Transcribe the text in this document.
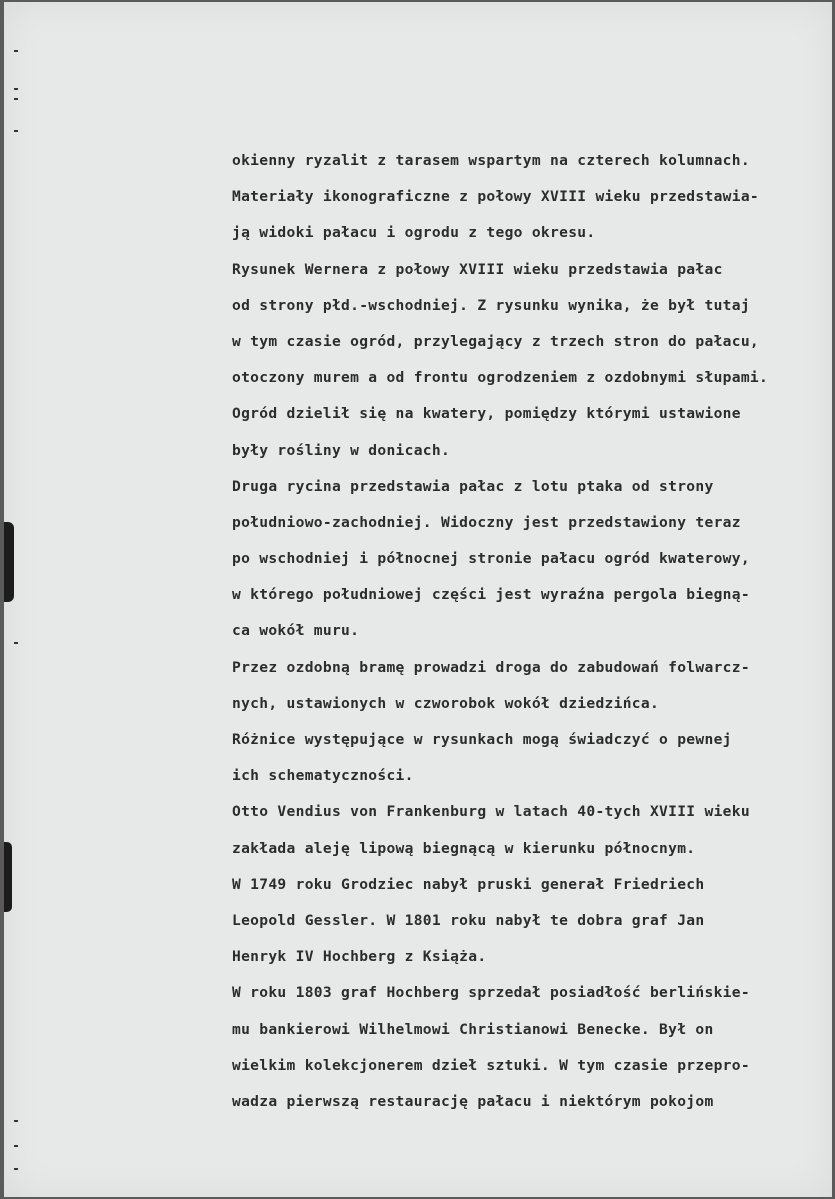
okienny ryzalit z tarasem wspartym na czterech kolumnach.
Materiały ikonograficzne z połowy XVIII wieku przedstawia-
ją widoki pałacu i ogrodu z tego okresu.
Rysunek Wernera z połowy XVIII wieku przedstawia pałac
od strony płd.-wschodniej. Z rysunku wynika, że był tutaj
w tym czasie ogród, przylegający z trzech stron do pałacu,
otoczony murem a od frontu ogrodzeniem z ozdobnymi słupami.
Ogród dzielił się na kwatery, pomiędzy którymi ustawione
były rośliny w donicach.
Druga rycina przedstawia pałac z lotu ptaka od strony
południowo-zachodniej. Widoczny jest przedstawiony teraz
po wschodniej i północnej stronie pałacu ogród kwaterowy,
w którego południowej części jest wyraźna pergola biegną-
ca wokół muru.
Przez ozdobną bramę prowadzi droga do zabudowań folwarcz-
nych, ustawionych w czworobok wokół dziedzińca.
Różnice występujące w rysunkach mogą świadczyć o pewnej
ich schematyczności.
Otto Vendius von Frankenburg w latach 40-tych XVIII wieku
zakłada aleję lipową biegnącą w kierunku północnym.
W 1749 roku Grodziec nabył pruski generał Friedriech
Leopold Gessler. W 1801 roku nabył te dobra graf Jan
Henryk IV Hochberg z Książa.
W roku 1803 graf Hochberg sprzedał posiadłość berlińskie-
mu bankierowi Wilhelmowi Christianowi Benecke. Był on
wielkim kolekcjonerem dzieł sztuki. W tym czasie przepro-
wadza pierwszą restaurację pałacu i niektórym pokojom
